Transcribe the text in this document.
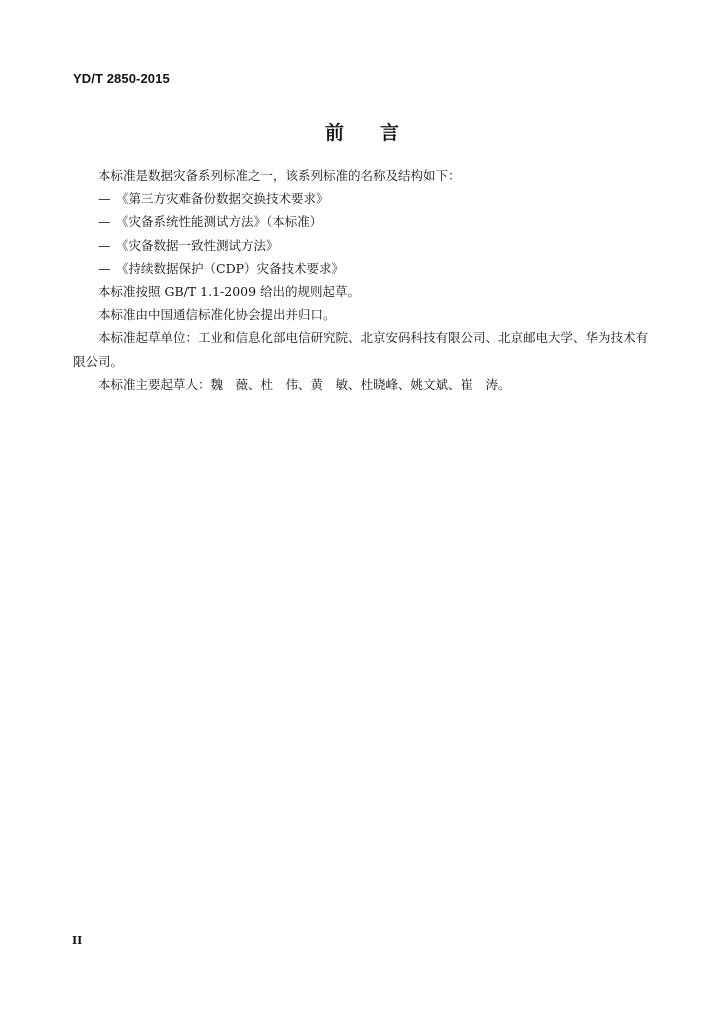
YD/T 2850-2015
前言

本标准是数据灾备系列标准之一，该系列标准的名称及结构如下：

— 《第三方灾难备份数据交换技术要求》

— 《灾备系统性能测试方法》（本标准）

— 《灾备数据一致性测试方法》

— 《持续数据保护（CDP）灾备技术要求》

本标准按照 GB/T 1.1-2009 给出的规则起草。

本标准由中国通信标准化协会提出并归口。

本标准起草单位：工业和信息化部电信研究院、北京安码科技有限公司、北京邮电大学、华为技术有限公司。

本标准主要起草人：魏　薇、杜　伟、黄　敏、杜晓峰、姚文斌、崔　涛。

II
